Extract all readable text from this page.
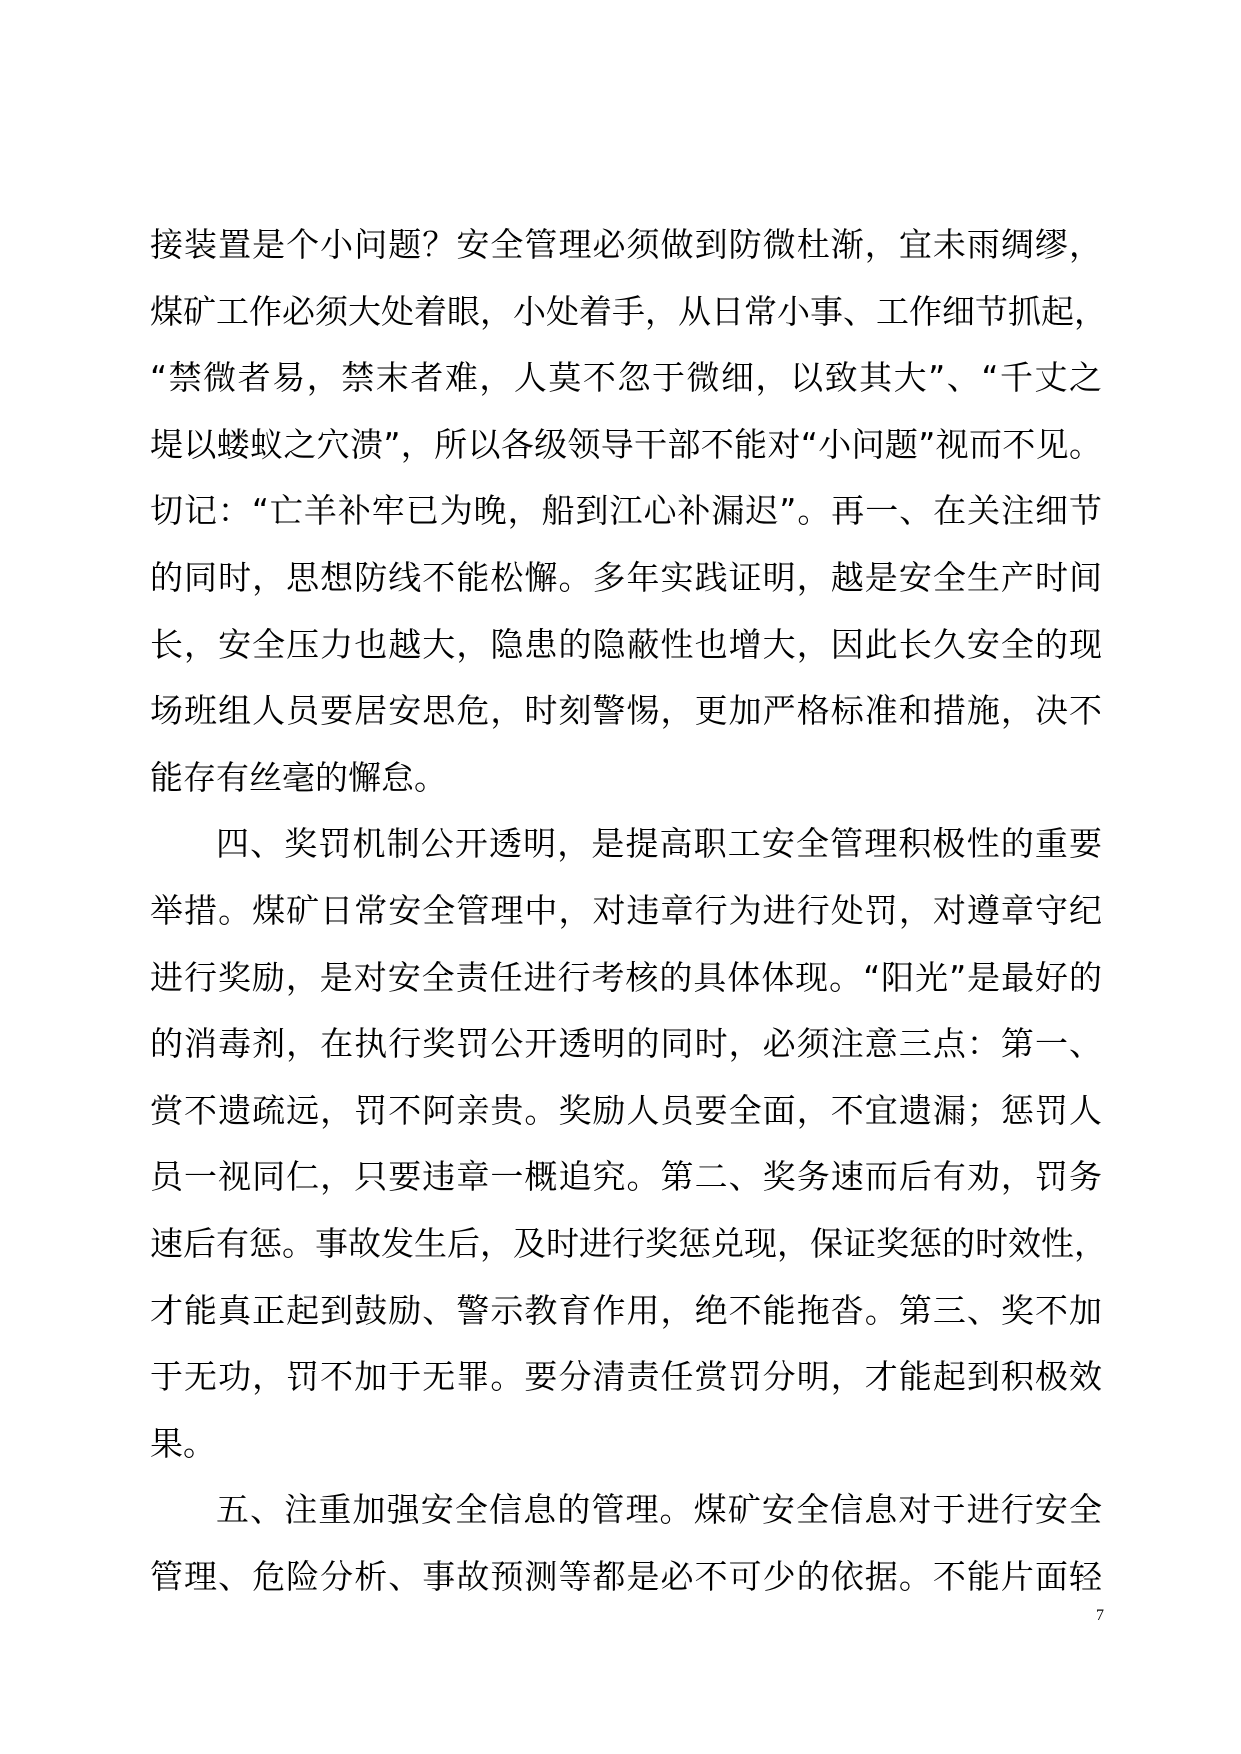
接装置是个小问题？安全管理必须做到防微杜渐，宜未雨绸缪，
煤矿工作必须大处着眼，小处着手，从日常小事、工作细节抓起，
“禁微者易，禁末者难，人莫不忽于微细，以致其大”、“千丈之
堤以蝼蚁之穴溃”，所以各级领导干部不能对“小问题”视而不见。
切记：“亡羊补牢已为晚，船到江心补漏迟”。再一、在关注细节
的同时，思想防线不能松懈。多年实践证明，越是安全生产时间
长，安全压力也越大，隐患的隐蔽性也增大，因此长久安全的现
场班组人员要居安思危，时刻警惕，更加严格标准和措施，决不
能存有丝毫的懈怠。
四、奖罚机制公开透明，是提高职工安全管理积极性的重要
举措。煤矿日常安全管理中，对违章行为进行处罚，对遵章守纪
进行奖励，是对安全责任进行考核的具体体现。“阳光”是最好的
的消毒剂，在执行奖罚公开透明的同时，必须注意三点：第一、
赏不遗疏远，罚不阿亲贵。奖励人员要全面，不宜遗漏；惩罚人
员一视同仁，只要违章一概追究。第二、奖务速而后有劝，罚务
速后有惩。事故发生后，及时进行奖惩兑现，保证奖惩的时效性，
才能真正起到鼓励、警示教育作用，绝不能拖沓。第三、奖不加
于无功，罚不加于无罪。要分清责任赏罚分明，才能起到积极效
果。
五、注重加强安全信息的管理。煤矿安全信息对于进行安全
管理、危险分析、事故预测等都是必不可少的依据。不能片面轻
7
